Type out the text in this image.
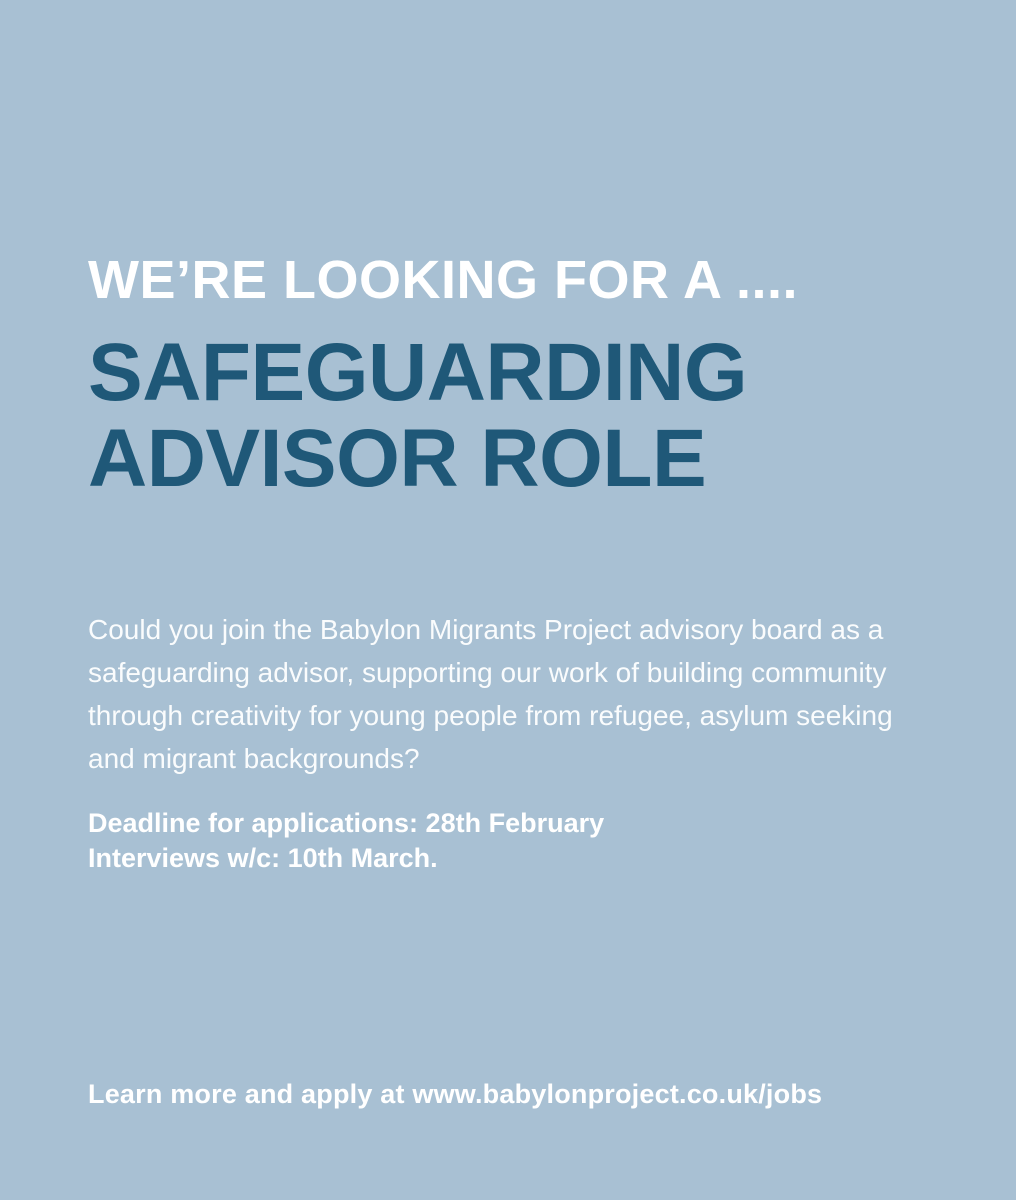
WE’RE LOOKING FOR A ....
SAFEGUARDING
ADVISOR ROLE
Could you join the Babylon Migrants Project advisory board as a safeguarding advisor, supporting our work of building community through creativity for young people from refugee, asylum seeking and migrant backgrounds?
Deadline for applications: 28th February
Interviews w/c: 10th March.
Learn more and apply at www.babylonproject.co.uk/jobs
